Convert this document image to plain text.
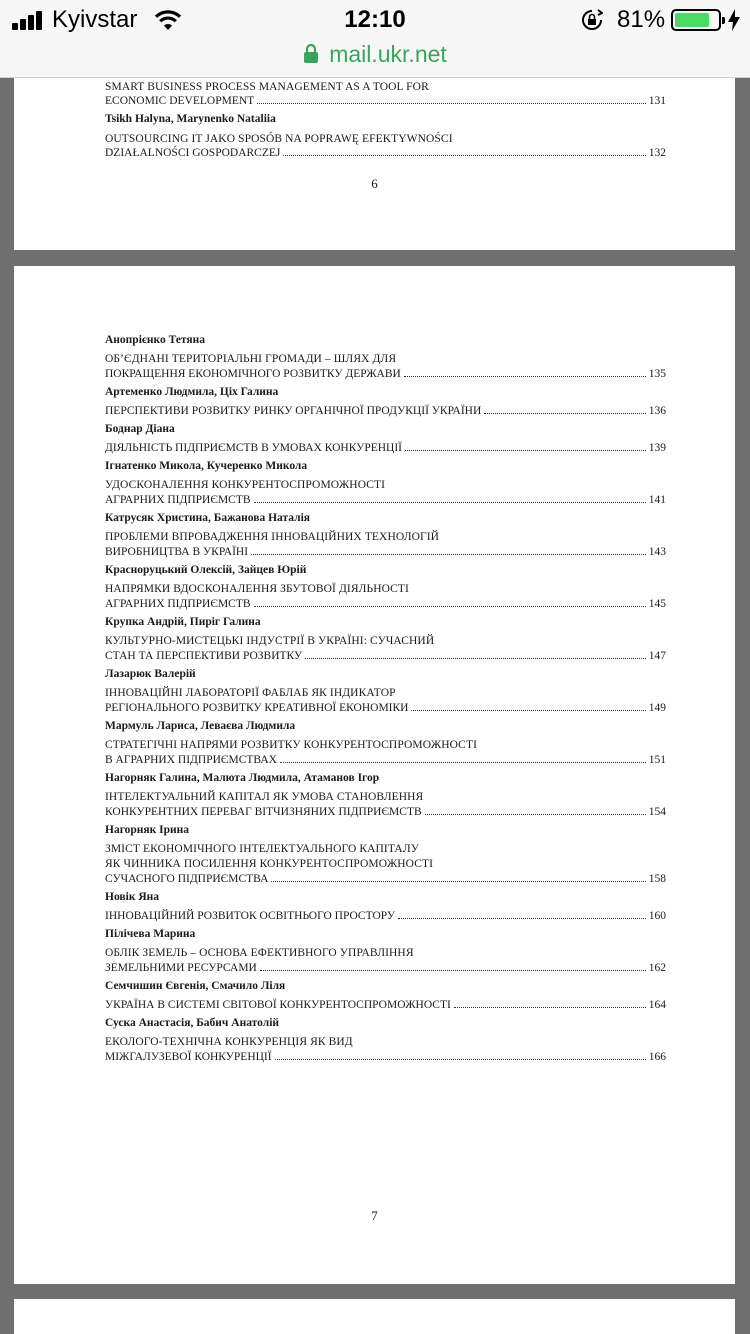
Kyivstar	12:10	81%
mail.ukr.net
SMART BUSINESS PROCESS MANAGEMENT AS A TOOL FOR
ECONOMIC DEVELOPMENT	131
Tsikh Halyna, Marynenko Nataliia
OUTSOURCING IT JAKO SPOSÓB NA POPRAWĘ EFEKTYWNOŚCI
DZIAŁALNOŚCI GOSPODARCZEJ	132
6
Анопрієнко Тетяна
ОБ’ЄДНАНІ ТЕРИТОРІАЛЬНІ ГРОМАДИ – ШЛЯХ ДЛЯ
ПОКРАЩЕННЯ ЕКОНОМІЧНОГО РОЗВИТКУ ДЕРЖАВИ	135
Артеменко Людмила, Ціх Галина
ПЕРСПЕКТИВИ РОЗВИТКУ РИНКУ ОРГАНІЧНОЇ ПРОДУКЦІЇ УКРАЇНИ	136
Боднар Діана
ДІЯЛЬНІСТЬ ПІДПРИЄМСТВ В УМОВАХ КОНКУРЕНЦІЇ	139
Ігнатенко Микола, Кучеренко Микола
УДОСКОНАЛЕННЯ КОНКУРЕНТОСПРОМОЖНОСТІ
АГРАРНИХ ПІДПРИЄМСТВ	141
Катрусяк Христина, Бажанова Наталія
ПРОБЛЕМИ ВПРОВАДЖЕННЯ ІННОВАЦІЙНИХ ТЕХНОЛОГІЙ
ВИРОБНИЦТВА В УКРАЇНІ	143
Красноруцький Олексій, Зайцев Юрій
НАПРЯМКИ ВДОСКОНАЛЕННЯ ЗБУТОВОЇ ДІЯЛЬНОСТІ
АГРАРНИХ ПІДПРИЄМСТВ	145
Крупка Андрій, Пиріг Галина
КУЛЬТУРНО-МИСТЕЦЬКІ ІНДУСТРІЇ В УКРАЇНІ: СУЧАСНИЙ
СТАН ТА ПЕРСПЕКТИВИ РОЗВИТКУ	147
Лазарюк Валерій
ІННОВАЦІЙНІ ЛАБОРАТОРІЇ ФАБЛАБ ЯК ІНДИКАТОР
РЕГІОНАЛЬНОГО РОЗВИТКУ КРЕАТИВНОЇ ЕКОНОМІКИ	149
Мармуль Лариса, Леваєва Людмила
СТРАТЕГІЧНІ НАПРЯМИ РОЗВИТКУ КОНКУРЕНТОСПРОМОЖНОСТІ
В АГРАРНИХ ПІДПРИЄМСТВАХ	151
Нагорняк Галина, Малюта Людмила, Атаманов Ігор
ІНТЕЛЕКТУАЛЬНИЙ КАПІТАЛ ЯК УМОВА СТАНОВЛЕННЯ
КОНКУРЕНТНИХ ПЕРЕВАГ ВІТЧИЗНЯНИХ ПІДПРИЄМСТВ	154
Нагорняк Ірина
ЗМІСТ ЕКОНОМІЧНОГО ІНТЕЛЕКТУАЛЬНОГО КАПІТАЛУ
ЯК ЧИННИКА ПОСИЛЕННЯ КОНКУРЕНТОСПРОМОЖНОСТІ
СУЧАСНОГО ПІДПРИЄМСТВА	158
Новік Яна
ІННОВАЦІЙНИЙ РОЗВИТОК ОСВІТНЬОГО ПРОСТОРУ	160
Пілічева Марина
ОБЛІК ЗЕМЕЛЬ – ОСНОВА ЕФЕКТИВНОГО УПРАВЛІННЯ
ЗЕМЕЛЬНИМИ РЕСУРСАМИ	162
Семчишин Євгенія, Смачило Ліля
УКРАЇНА В СИСТЕМІ СВІТОВОЇ КОНКУРЕНТОСПРОМОЖНОСТІ	164
Суска Анастасія, Бабич Анатолій
ЕКОЛОГО-ТЕХНІЧНА КОНКУРЕНЦІЯ ЯК ВИД
МІЖГАЛУЗЕВОЇ КОНКУРЕНЦІЇ	166
7
